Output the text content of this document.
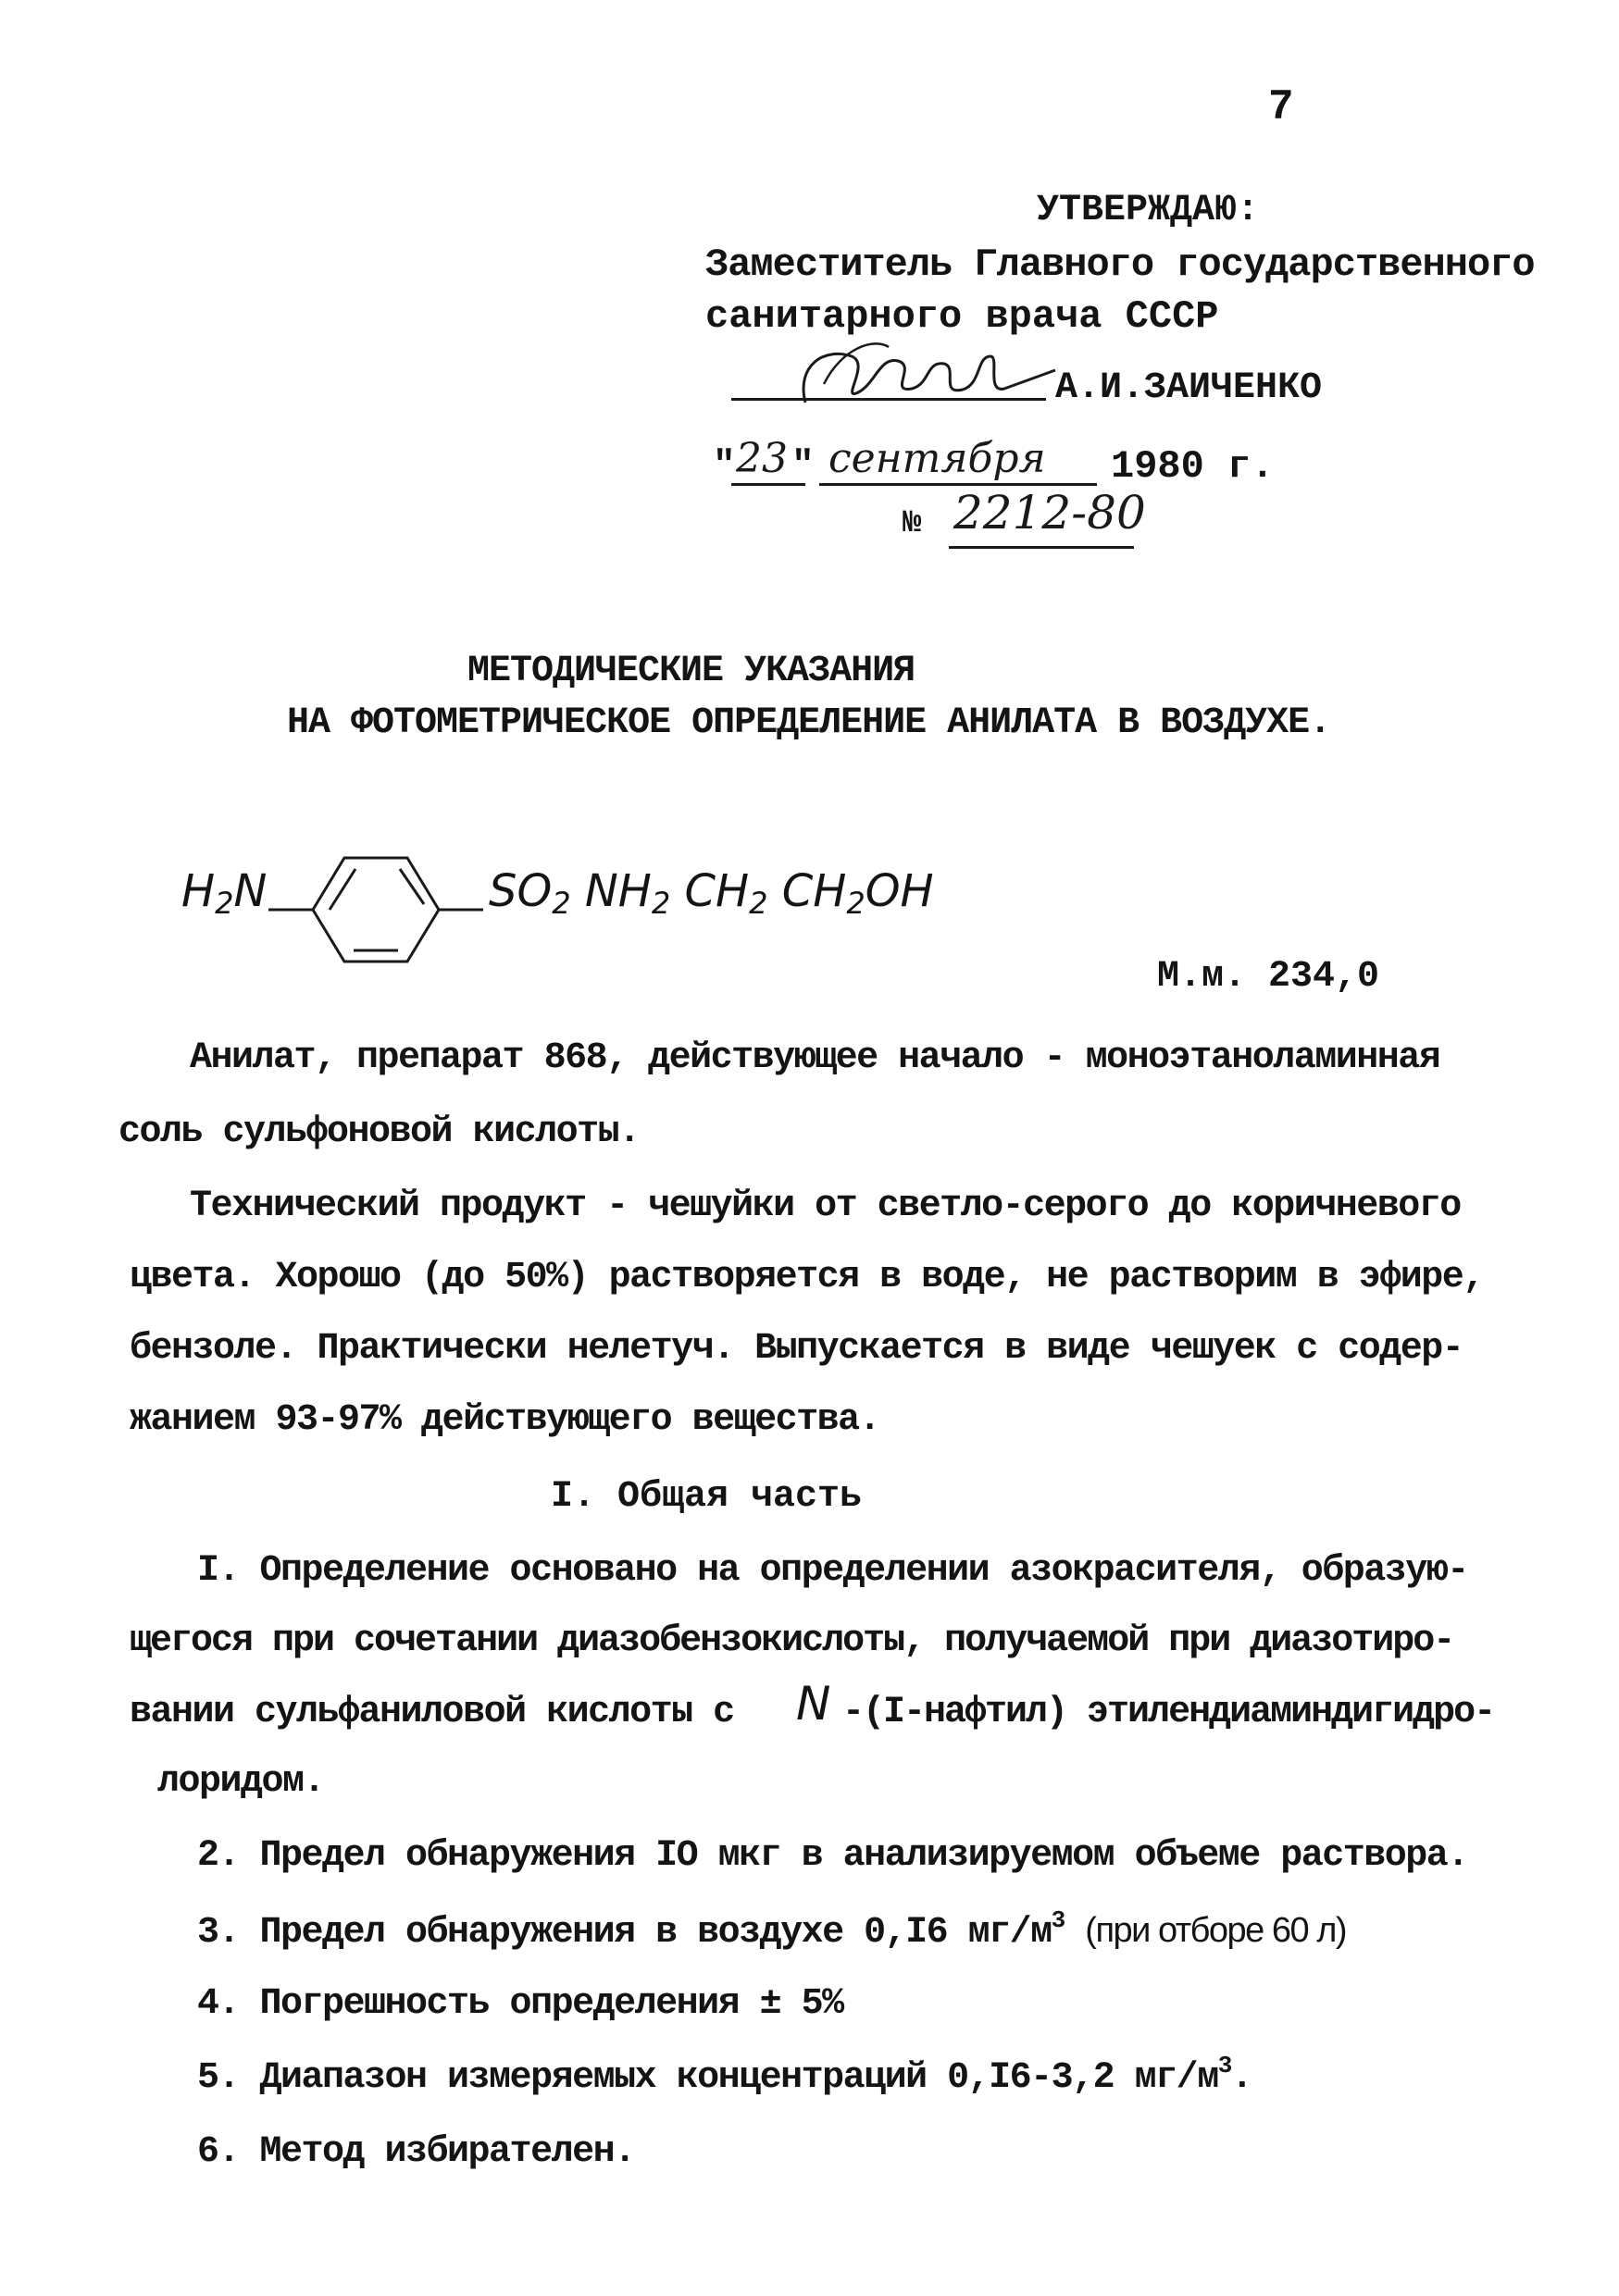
7
УТВЕРЖДАЮ:
Заместитель Главного государственного
санитарного врача СССР
А.И.ЗАИЧЕНКО
" 23 " сентября 1980 г.
№ 2212-80
МЕТОДИЧЕСКИЕ УКАЗАНИЯ
НА ФОТОМЕТРИЧЕСКОЕ ОПРЕДЕЛЕНИЕ АНИЛАТА В ВОЗДУХЕ.
$H_2N$	$SO_2$ $NH_2$ $CH_2$ $CH_2OH$
М.м. 234,0
Анилат, препарат 868, действующее начало - моноэтаноламинная
соль сульфоновой кислоты.
Технический продукт - чешуйки от светло-серого до коричневого
цвета. Хорошо (до 50%) растворяется в воде, не растворим в эфире,
бензоле. Практически нелетуч. Выпускается в виде чешуек с содер-
жанием 93-97% действующего вещества.
I. Общая часть
I. Определение основано на определении азокрасителя, образую-
щегося при сочетании диазобензокислоты, получаемой при диазотиро-
вании сульфаниловой кислоты с N -(I-нафтил) этилендиаминдигидро-
лоридом.
2. Предел обнаружения IO мкг в анализируемом объеме раствора.
3. Предел обнаружения в воздухе 0,I6 $мг/м^3$ (при отборе 60 л)
4. Погрешность определения ± 5%
5. Диапазон измеряемых концентраций 0,I6-3,2 $мг/м^3$.
6. Метод избирателен.
